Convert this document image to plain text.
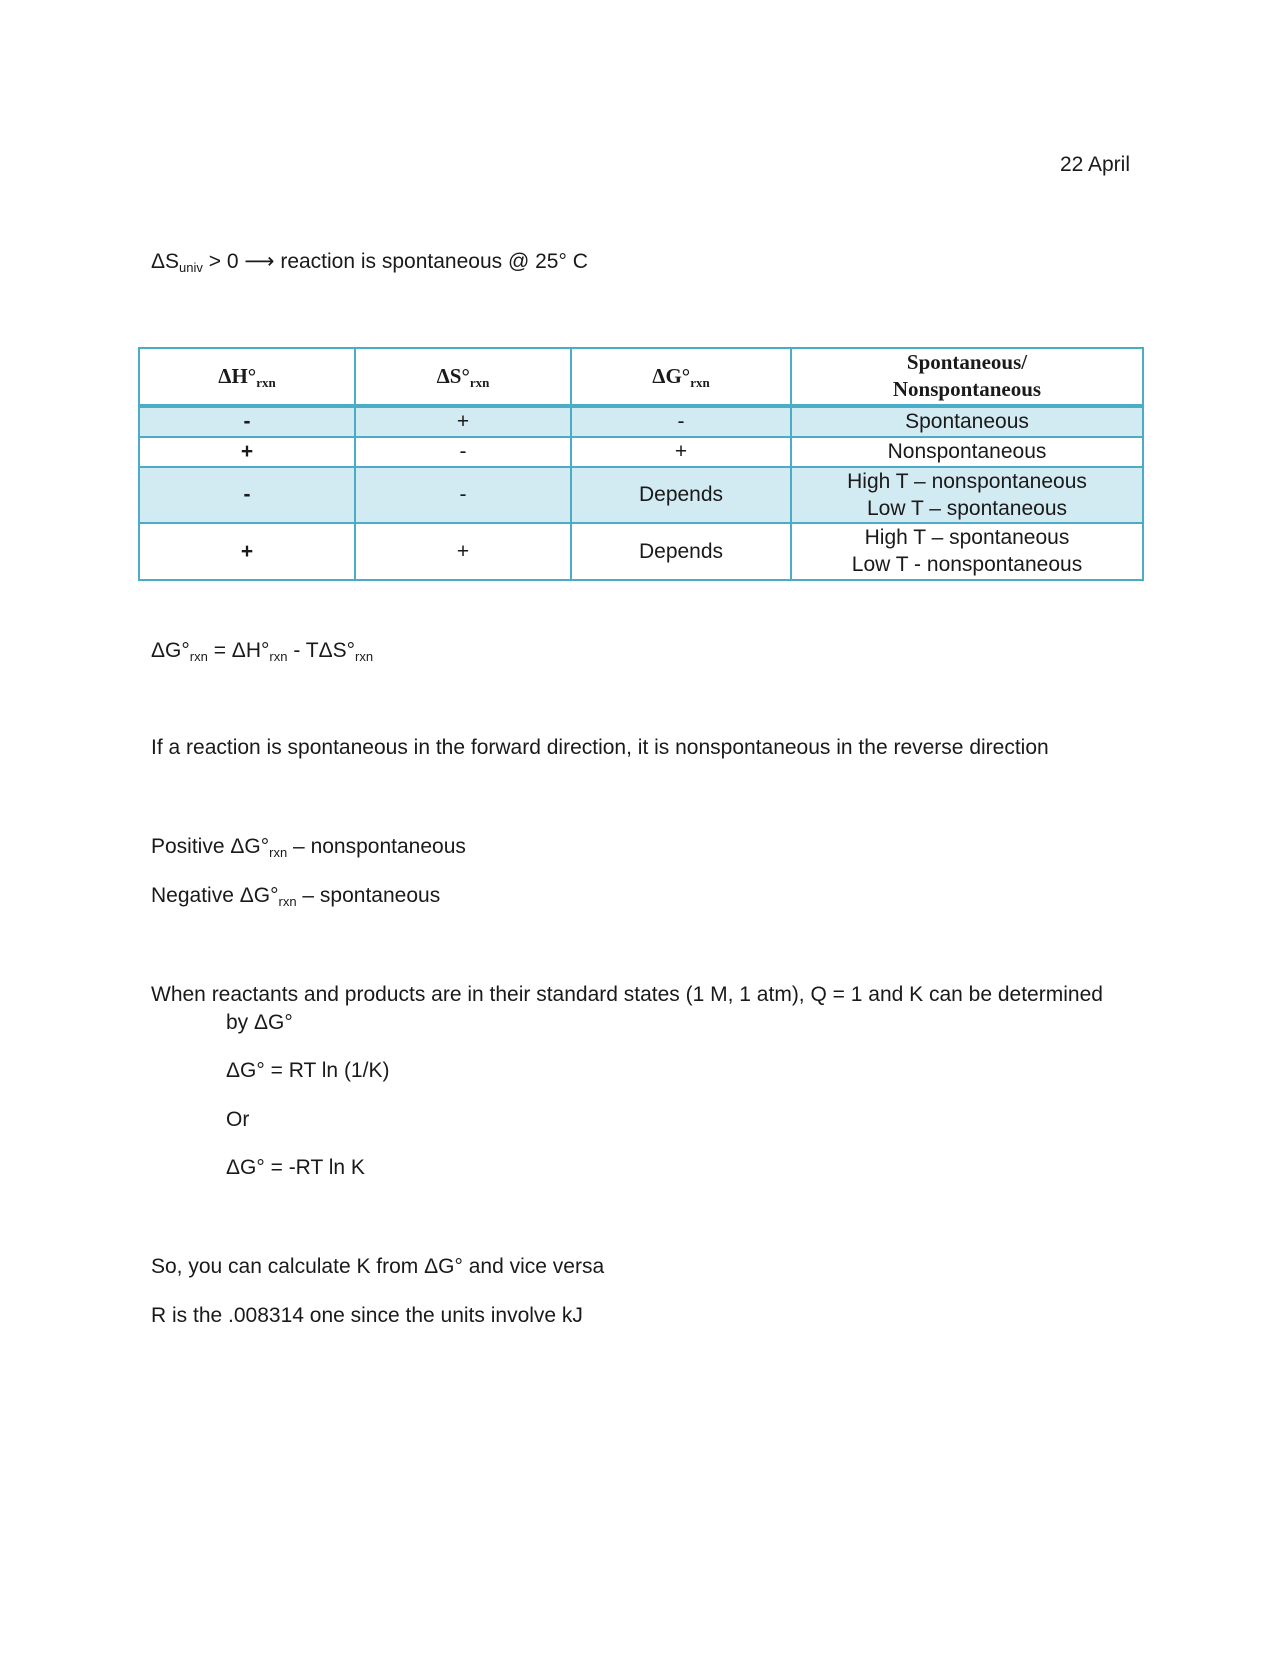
22 April
$\Delta S_{univ} > 0$ ⟶ reaction is spontaneous @ 25° C
$\Delta H^\circ_{rxn}$	$\Delta S^\circ_{rxn}$	$\Delta G^\circ_{rxn}$	Spontaneous/
Nonspontaneous

-	+	-	Spontaneous
+	-	+	Nonspontaneous
-	-	Depends	High T – nonspontaneous
Low T – spontaneous

+	+	Depends	High T – spontaneous
Low T - nonspontaneous
$\Delta G^\circ_{rxn} = \Delta H^\circ_{rxn} - T\Delta S^\circ_{rxn}$
If a reaction is spontaneous in the forward direction, it is nonspontaneous in the reverse direction
Positive $\Delta G^\circ_{rxn}$ – nonspontaneous
Negative $\Delta G^\circ_{rxn}$ – spontaneous
When reactants and products are in their standard states (1 M, 1 atm), Q = 1 and K can be determined
by ΔG°
ΔG° = RT ln (1/K)
Or
ΔG° = -RT ln K
So, you can calculate K from ΔG° and vice versa
R is the .008314 one since the units involve kJ
